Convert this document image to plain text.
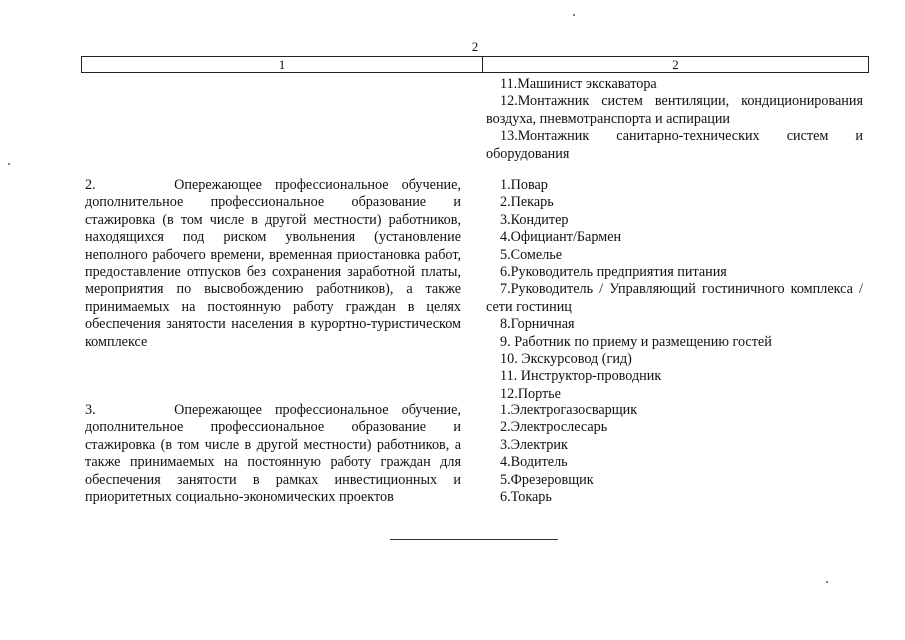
2
1	2
11.Машинист экскаватора
12.Монтажник систем вентиляции, кондиционирования воздуха, пневмотранспорта и аспирации
13.Монтажник санитарно-технических систем и оборудования

2.      Опережающее профессиональное обучение, дополнительное профессиональное образование и стажировка (в том числе в другой местности) работников, находящихся под риском увольнения (установление неполного рабочего времени, временная приостановка работ, предоставление отпусков без сохранения заработной платы, мероприятия по высвобождению работников), а также принимаемых на постоянную работу граждан в целях обеспечения занятости населения в курортно-туристическом комплексе

1.Повар
2.Пекарь
3.Кондитер
4.Официант/Бармен
5.Сомелье
6.Руководитель предприятия питания
7.Руководитель / Управляющий гостиничного комплекса / сети гостиниц
8.Горничная
9. Работник по приему и размещению гостей
10. Экскурсовод (гид)
11. Инструктор-проводник
12.Портье

3.      Опережающее профессиональное обучение, дополнительное профессиональное образование и стажировка (в том числе в другой местности) работников, а также принимаемых на постоянную работу граждан для обеспечения занятости в рамках инвестиционных и приоритетных социально-экономических проектов

1.Электрогазосварщик
2.Электрослесарь
3.Электрик
4.Водитель
5.Фрезеровщик
6.Токарь
